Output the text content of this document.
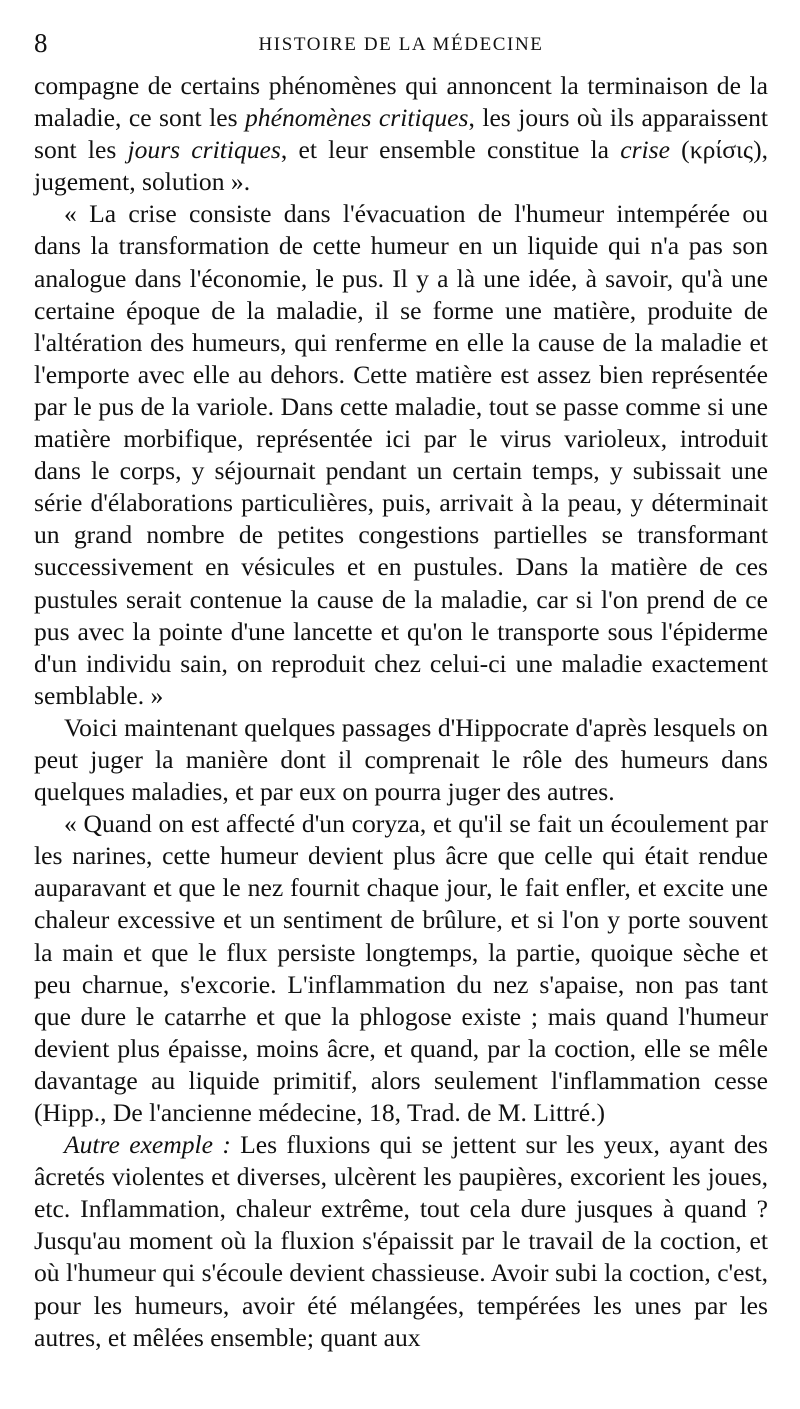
8	HISTOIRE DE LA MÉDECINE

compagne de certains phénomènes qui annoncent la terminaison de la maladie, ce sont les phénomènes critiques, les jours où ils apparaissent sont les jours critiques, et leur ensemble constitue la crise (κρίσις), jugement, solution ».

« La crise consiste dans l'évacuation de l'humeur intempérée ou dans la transformation de cette humeur en un liquide qui n'a pas son analogue dans l'économie, le pus. Il y a là une idée, à savoir, qu'à une certaine époque de la maladie, il se forme une matière, produite de l'altération des humeurs, qui renferme en elle la cause de la maladie et l'emporte avec elle au dehors. Cette matière est assez bien représentée par le pus de la variole. Dans cette maladie, tout se passe comme si une matière morbifique, représentée ici par le virus varioleux, introduit dans le corps, y séjournait pendant un certain temps, y subissait une série d'élaborations particulières, puis, arrivait à la peau, y déterminait un grand nombre de petites congestions partielles se transformant successivement en vésicules et en pustules. Dans la matière de ces pustules serait contenue la cause de la maladie, car si l'on prend de ce pus avec la pointe d'une lancette et qu'on le transporte sous l'épiderme d'un individu sain, on reproduit chez celui-ci une maladie exactement semblable. »

Voici maintenant quelques passages d'Hippocrate d'après lesquels on peut juger la manière dont il comprenait le rôle des humeurs dans quelques maladies, et par eux on pourra juger des autres.

« Quand on est affecté d'un coryza, et qu'il se fait un écoulement par les narines, cette humeur devient plus âcre que celle qui était rendue auparavant et que le nez fournit chaque jour, le fait enfler, et excite une chaleur excessive et un sentiment de brûlure, et si l'on y porte souvent la main et que le flux persiste longtemps, la partie, quoique sèche et peu charnue, s'excorie. L'inflammation du nez s'apaise, non pas tant que dure le catarrhe et que la phlogose existe ; mais quand l'humeur devient plus épaisse, moins âcre, et quand, par la coction, elle se mêle davantage au liquide primitif, alors seulement l'inflammation cesse (Hipp., De l'ancienne médecine, 18, Trad. de M. Littré.)

Autre exemple : Les fluxions qui se jettent sur les yeux, ayant des âcretés violentes et diverses, ulcèrent les paupières, excorient les joues, etc. Inflammation, chaleur extrême, tout cela dure jusques à quand ? Jusqu'au moment où la fluxion s'épaissit par le travail de la coction, et où l'humeur qui s'écoule devient chassieuse. Avoir subi la coction, c'est, pour les humeurs, avoir été mélangées, tempérées les unes par les autres, et mêlées ensemble; quant aux
